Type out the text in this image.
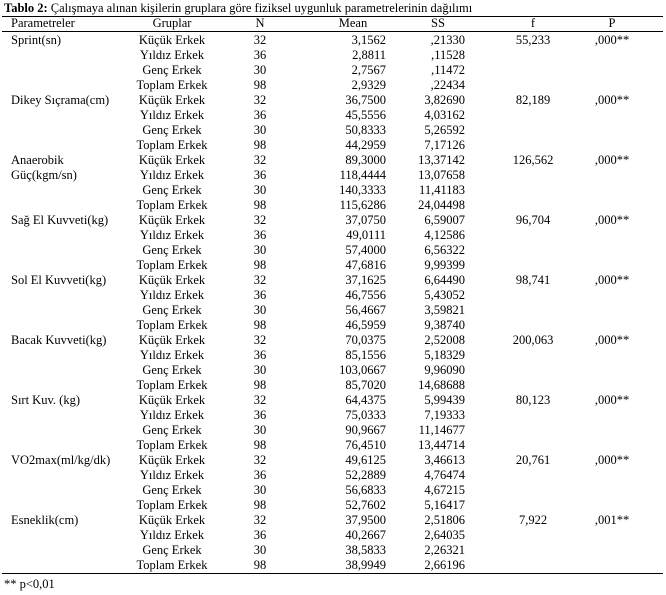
Tablo 2: Çalışmaya alınan kişilerin gruplara göre fiziksel uygunluk parametrelerinin dağılımı
Parametreler	Gruplar	N	Mean	SS	f	P
Sprint(sn)	Küçük Erkek	32	3,1562	,21330	55,233	,000**
Yıldız Erkek	36	2,8811	,11528
Genç Erkek	30	2,7567	,11472
Toplam Erkek	98	2,9329	,22434
Dikey Sıçrama(cm)	Küçük Erkek	32	36,7500	3,82690	82,189	,000**
Yıldız Erkek	36	45,5556	4,03162
Genç Erkek	30	50,8333	5,26592
Toplam Erkek	98	44,2959	7,17126
Anaerobik
Güç(kgm/sn)
Küçük Erkek	32	89,3000	13,37142	126,562	,000**
Yıldız Erkek	36	118,4444	13,07658
Genç Erkek	30	140,3333	11,41183
Toplam Erkek	98	115,6286	24,04498
Sağ El Kuvveti(kg)	Küçük Erkek	32	37,0750	6,59007	96,704	,000**
Yıldız Erkek	36	49,0111	4,12586
Genç Erkek	30	57,4000	6,56322
Toplam Erkek	98	47,6816	9,99399
Sol El Kuvveti(kg)	Küçük Erkek	32	37,1625	6,64490	98,741	,000**
Yıldız Erkek	36	46,7556	5,43052
Genç Erkek	30	56,4667	3,59821
Toplam Erkek	98	46,5959	9,38740
Bacak Kuvveti(kg)	Küçük Erkek	32	70,0375	2,52008	200,063	,000**
Yıldız Erkek	36	85,1556	5,18329
Genç Erkek	30	103,0667	9,96090
Toplam Erkek	98	85,7020	14,68688
Sırt Kuv. (kg)	Küçük Erkek	32	64,4375	5,99439	80,123	,000**
Yıldız Erkek	36	75,0333	7,19333
Genç Erkek	30	90,9667	11,14677
Toplam Erkek	98	76,4510	13,44714
VO2max(ml/kg/dk)	Küçük Erkek	32	49,6125	3,46613	20,761	,000**
Yıldız Erkek	36	52,2889	4,76474
Genç Erkek	30	56,6833	4,67215
Toplam Erkek	98	52,7602	5,16417
Esneklik(cm)	Küçük Erkek	32	37,9500	2,51806	7,922	,001**
Yıldız Erkek	36	40,2667	2,64035
Genç Erkek	30	38,5833	2,26321
Toplam Erkek	98	38,9949	2,66196
** p<0,01
